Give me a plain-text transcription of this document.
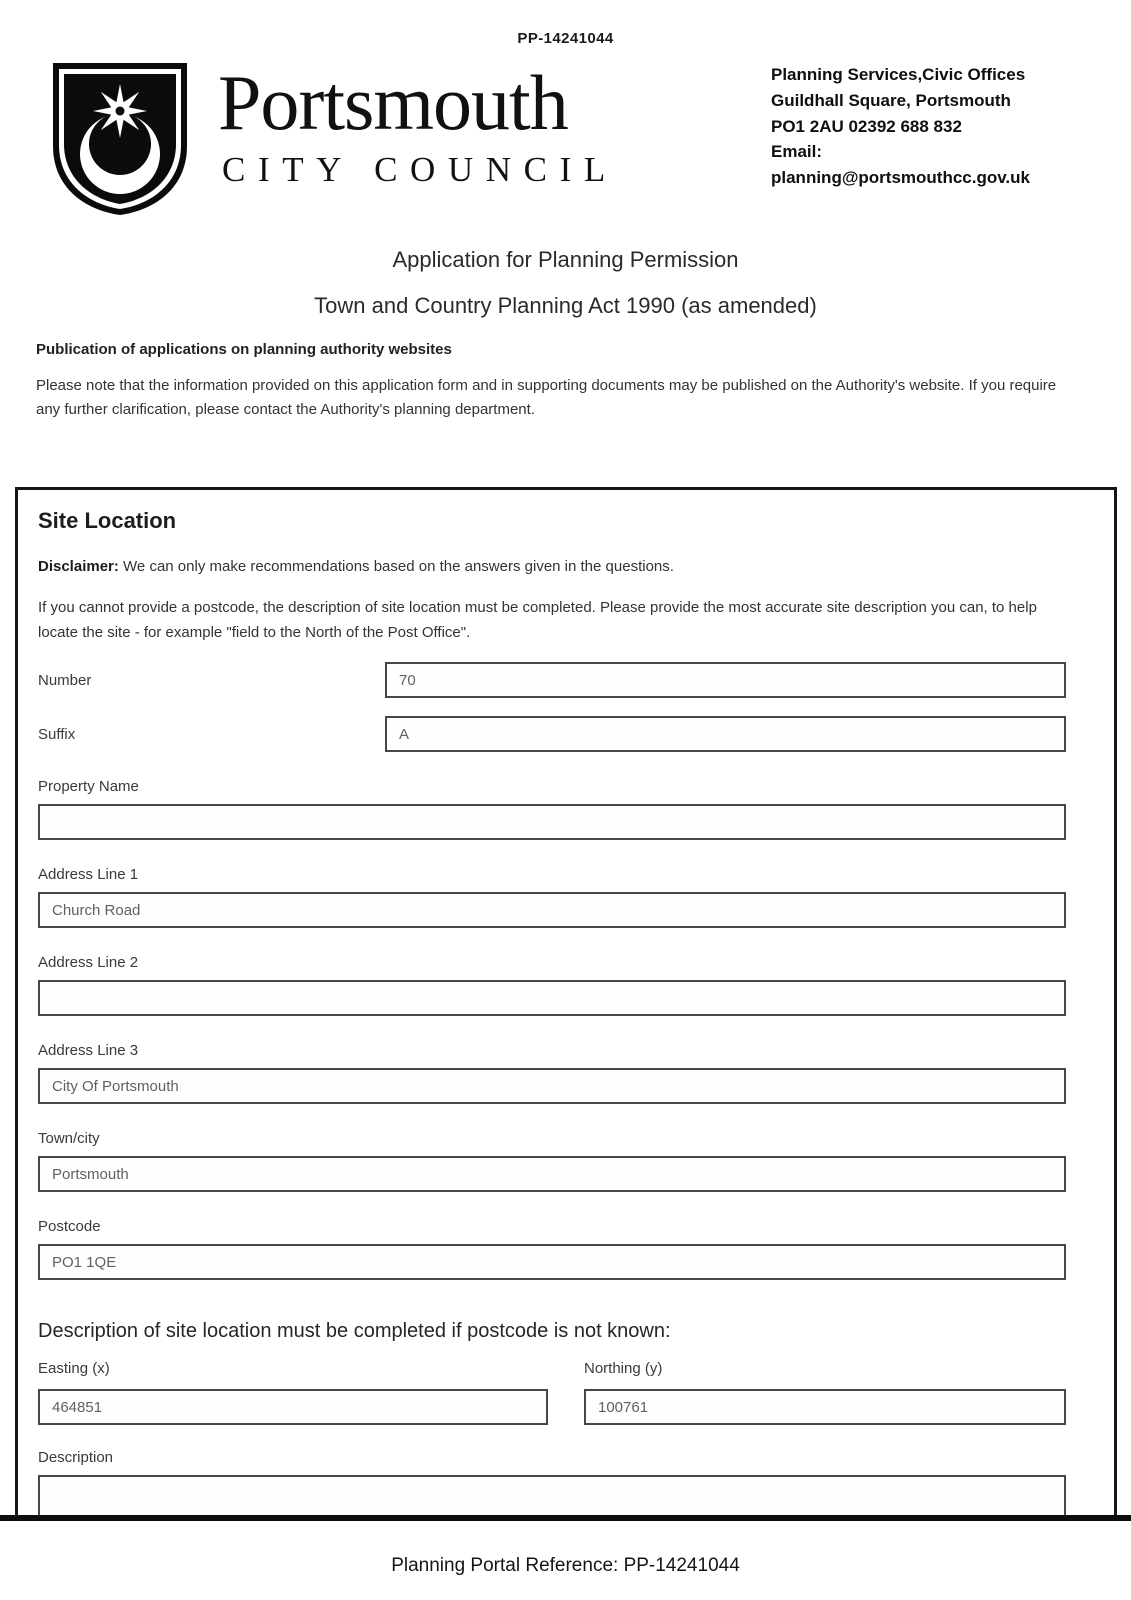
PP-14241044
Portsmouth
CITY COUNCIL
Planning Services,Civic Offices
Guildhall Square, Portsmouth
PO1 2AU 02392 688 832
Email: planning@portsmouthcc.gov.uk
Application for Planning Permission
Town and Country Planning Act 1990 (as amended)
Publication of applications on planning authority websites

Please note that the information provided on this application form and in supporting documents may be published on the Authority's website. If you require any further clarification, please contact the Authority's planning department.

Site Location

Disclaimer: We can only make recommendations based on the answers given in the questions.

If you cannot provide a postcode, the description of site location must be completed. Please provide the most accurate site description you can, to help locate the site - for example "field to the North of the Post Office".

Number
70
Suffix
A
Property Name
Address Line 1
Church Road
Address Line 2
Address Line 3
City Of Portsmouth
Town/city
Portsmouth
Postcode
PO1 1QE
Description of site location must be completed if postcode is not known:
Easting (x)
464851	Northing (y)
100761
Description
Planning Portal Reference: PP-14241044
